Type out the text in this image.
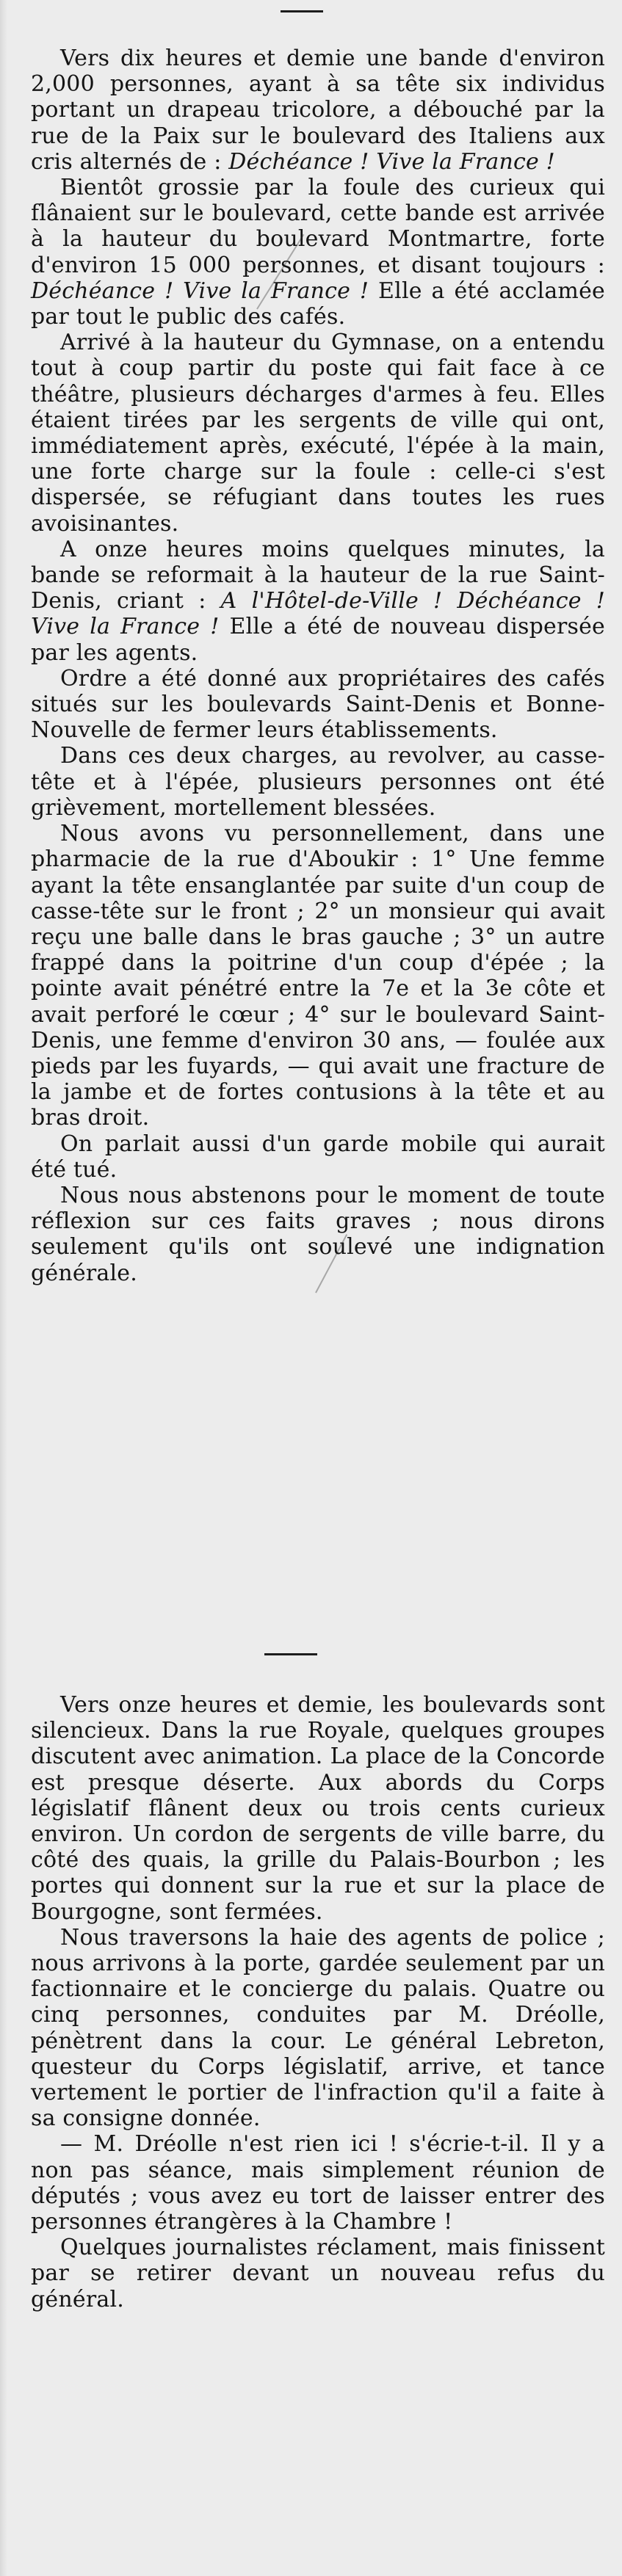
Vers dix heures et demie une bande d'environ 2,000 personnes, ayant à sa tête six individus portant un drapeau tricolore, a débouché par la rue de la Paix sur le boulevard des Italiens aux cris alternés de : Déchéance ! Vive la France !

Bientôt grossie par la foule des curieux qui flânaient sur le boulevard, cette bande est arrivée à la hauteur du boulevard Montmartre, forte d'environ 15 000 personnes, et disant toujours : Déchéance ! Vive la France ! Elle a été acclamée par tout le public des cafés.

Arrivé à la hauteur du Gymnase, on a entendu tout à coup partir du poste qui fait face à ce théâtre, plusieurs décharges d'armes à feu. Elles étaient tirées par les sergents de ville qui ont, immédiatement après, exécuté, l'épée à la main, une forte charge sur la foule : celle-ci s'est dispersée, se réfugiant dans toutes les rues avoisinantes.

A onze heures moins quelques minutes, la bande se reformait à la hauteur de la rue Saint-Denis, criant : A l'Hôtel-de-Ville ! Déchéance ! Vive la France ! Elle a été de nouveau dispersée par les agents.

Ordre a été donné aux propriétaires des cafés situés sur les boulevards Saint-Denis et Bonne-Nouvelle de fermer leurs établissements.

Dans ces deux charges, au revolver, au casse-tête et à l'épée, plusieurs personnes ont été grièvement, mortellement blessées.

Nous avons vu personnellement, dans une pharmacie de la rue d'Aboukir : 1° Une femme ayant la tête ensanglantée par suite d'un coup de casse-tête sur le front ; 2° un monsieur qui avait reçu une balle dans le bras gauche ; 3° un autre frappé dans la poitrine d'un coup d'épée ; la pointe avait pénétré entre la 7e et la 3e côte et avait perforé le cœur ; 4° sur le boulevard Saint-Denis, une femme d'environ 30 ans, — foulée aux pieds par les fuyards, — qui avait une fracture de la jambe et de fortes contusions à la tête et au bras droit.

On parlait aussi d'un garde mobile qui aurait été tué.

Nous nous abstenons pour le moment de toute réflexion sur ces faits graves ; nous dirons seulement qu'ils ont soulevé une indignation générale.

Vers onze heures et demie, les boulevards sont silencieux. Dans la rue Royale, quelques groupes discutent avec animation. La place de la Concorde est presque déserte. Aux abords du Corps législatif flânent deux ou trois cents curieux environ. Un cordon de sergents de ville barre, du côté des quais, la grille du Palais-Bourbon ; les portes qui donnent sur la rue et sur la place de Bourgogne, sont fermées.

Nous traversons la haie des agents de police ; nous arrivons à la porte, gardée seulement par un factionnaire et le concierge du palais. Quatre ou cinq personnes, conduites par M. Dréolle, pénètrent dans la cour. Le général Lebreton, questeur du Corps législatif, arrive, et tance vertement le portier de l'infraction qu'il a faite à sa consigne donnée.

— M. Dréolle n'est rien ici ! s'écrie-t-il. Il y a non pas séance, mais simplement réunion de députés ; vous avez eu tort de laisser entrer des personnes étrangères à la Chambre !

Quelques journalistes réclament, mais finissent par se retirer devant un nouveau refus du général.
